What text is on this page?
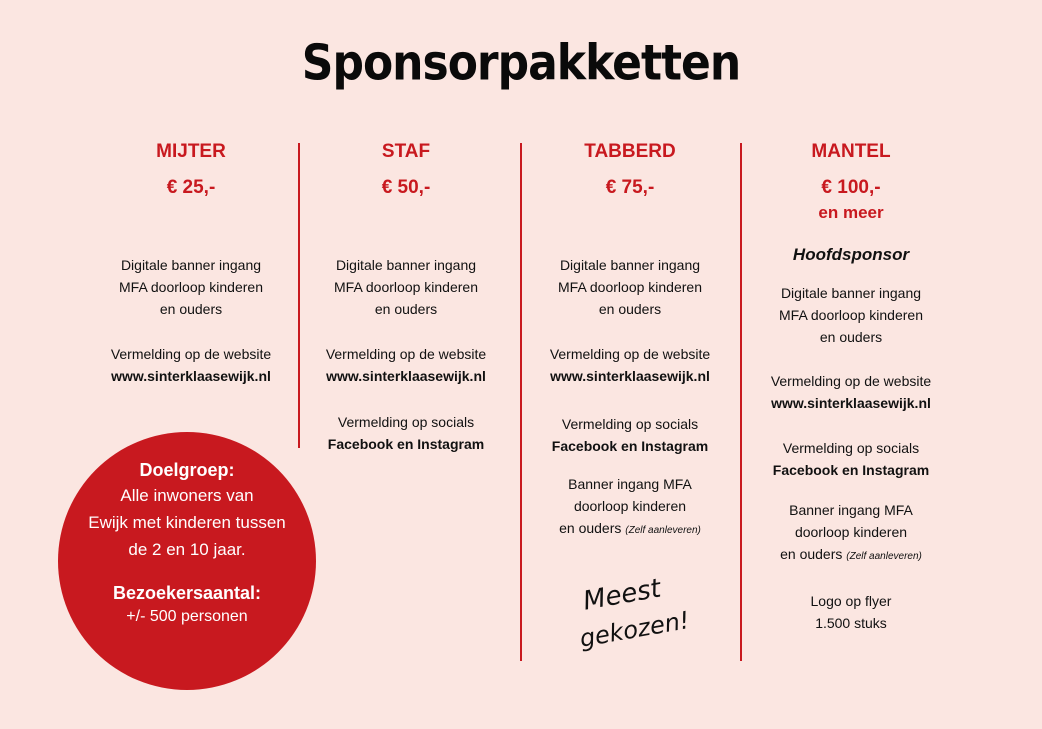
Sponsorpakketten
MIJTER
€ 25,-
Digitale banner ingang
MFA doorloop kinderen
en ouders
Vermelding op de website
www.sinterklaasewijk.nl
STAF
€ 50,-
Digitale banner ingang
MFA doorloop kinderen
en ouders
Vermelding op de website
www.sinterklaasewijk.nl
Vermelding op socials
Facebook en Instagram
TABBERD
€ 75,-
Digitale banner ingang
MFA doorloop kinderen
en ouders
Vermelding op de website
www.sinterklaasewijk.nl
Vermelding op socials
Facebook en Instagram
Banner ingang MFA
doorloop kinderen
en ouders (Zelf aanleveren)
MANTEL
€ 100,-
en meer
Hoofdsponsor
Digitale banner ingang
MFA doorloop kinderen
en ouders
Vermelding op de website
www.sinterklaasewijk.nl
Vermelding op socials
Facebook en Instagram
Banner ingang MFA
doorloop kinderen
en ouders (Zelf aanleveren)
Logo op flyer
1.500 stuks
Meest
gekozen!
Doelgroep:
Alle inwoners van
Ewijk met kinderen tussen
de 2 en 10 jaar.
Bezoekersaantal:
+/- 500 personen
